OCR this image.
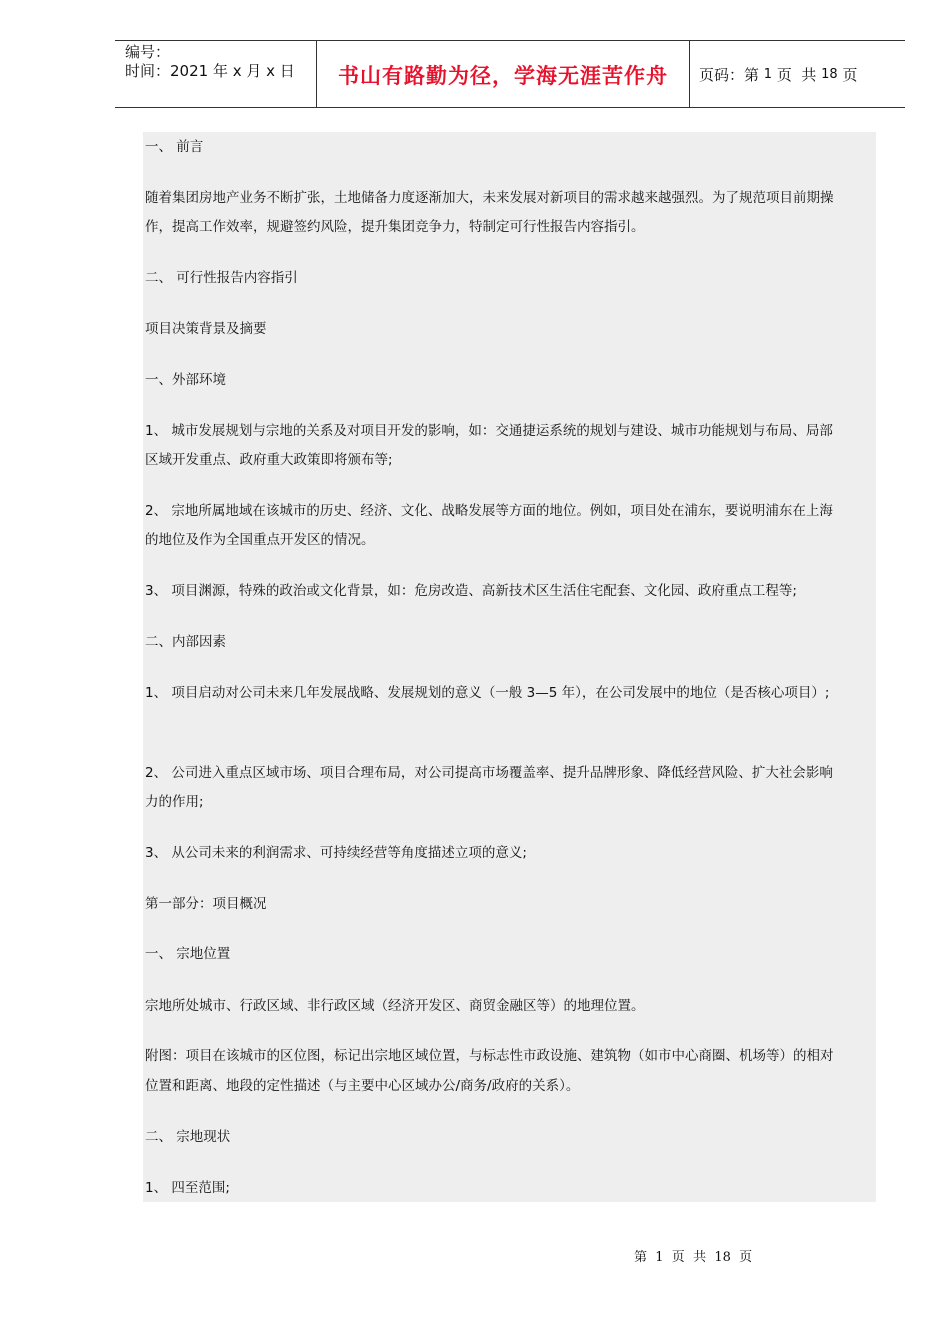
编号：
时间：2021 年 x 月 x 日	书山有路勤为径，学海无涯苦作舟	页码：第 1 页  共 18 页
一、 前言
随着集团房地产业务不断扩张，土地储备力度逐渐加大，未来发展对新项目的需求越来越强烈。为了规范项目前期操
作，提高工作效率，规避签约风险，提升集团竞争力，特制定可行性报告内容指引。
二、 可行性报告内容指引
项目决策背景及摘要
一、外部环境
1、 城市发展规划与宗地的关系及对项目开发的影响，如：交通捷运系统的规划与建设、城市功能规划与布局、局部
区域开发重点、政府重大政策即将颁布等;
2、 宗地所属地域在该城市的历史、经济、文化、战略发展等方面的地位。例如，项目处在浦东，要说明浦东在上海
的地位及作为全国重点开发区的情况。
3、 项目渊源，特殊的政治或文化背景，如：危房改造、高新技术区生活住宅配套、文化园、政府重点工程等;
二、内部因素
1、 项目启动对公司未来几年发展战略、发展规划的意义（一般 3—5 年），在公司发展中的地位（是否核心项目）;
2、 公司进入重点区域市场、项目合理布局，对公司提高市场覆盖率、提升品牌形象、降低经营风险、扩大社会影响
力的作用;
3、 从公司未来的利润需求、可持续经营等角度描述立项的意义;
第一部分：项目概况
一、 宗地位置
宗地所处城市、行政区域、非行政区域（经济开发区、商贸金融区等）的地理位置。
附图：项目在该城市的区位图，标记出宗地区域位置，与标志性市政设施、建筑物（如市中心商圈、机场等）的相对
位置和距离、地段的定性描述（与主要中心区域办公/商务/政府的关系）。
二、 宗地现状
1、 四至范围;
第  1  页  共  18  页
